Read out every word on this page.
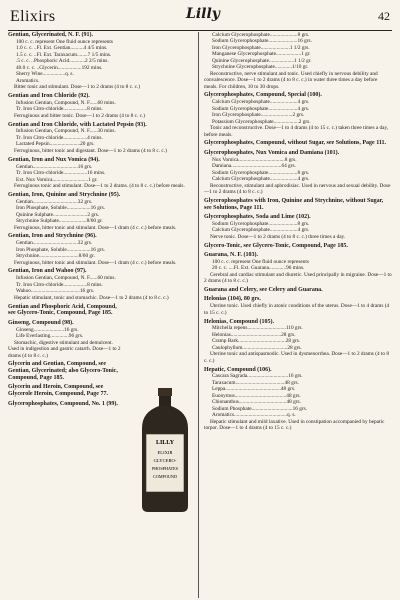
Elixirs	Lilly	42
Gentian, Glycerinated, N. F. (91).
100 c. c. represent One fluid ounce represents
1.0 c. c. ..Fl. Ext. Gentian..........4 4/5 mins.
1.5 c. c. ..Fl. Ext. Taraxacum........7 1/5 mins.
.5 c. c. ..Phosphoric Acid............2 2/5 mins.
40.0 c. c. ..Glycerin..................192 mins.
Sherry Wine.................q. s.
Aromatics.
Bitter tonic and stimulant. Dose—1 to 2 drams (4 to 8 c. c.)
Gentian and Iron Chloride (92).
Infusion Gentian, Compound, N. F......60 mins.
Tr. Iron Citro-chloride..................8 mins.
Ferruginous and bitter tonic. Dose—1 to 2 drams (4 to 8 c. c.)
Gentian and Iron Chloride, with Lactated Pepsin (93).
Infusion Gentian, Compound, N. F......30 mins.
Tr. Iron Citro-chloride..................4 mins.
Lactated Pepsin.......................20 grs.
Ferruginous, bitter tonic and digestant. Dose—1 to 2 drams (4 to 8 c. c.)
Gentian, Iron and Nux Vomica (94).
Gentian..................................16 grs.
Tr. Iron Citro-chloride..................16 mins.
Ext. Nux Vomica...........................1 gr.
Ferruginous tonic and stimulant. Dose—1 to 2 drams. (4 to 8 c. c.) before meals.
Gentian, Iron, Quinine and Strychnine (95).
Gentian..................................32 grs.
Iron Phosphate, Soluble..................16 grs.
Quinine Sulphate..........................2 grs.
Strychnine Sulphate.....................8/60 gr.
Ferruginous, bitter tonic and stimulant. Dose—1 dram (4 c. c.) before meals.
Gentian, Iron and Strychnine (96).
Gentian..................................32 grs.
Iron Phosphate, Soluble..................16 grs.
Strychnine..............................8/60 gr.
Ferruginous, bitter tonic and stimulant. Dose—1 dram (4 c. c.) before meals.
Gentian, Iron and Wahoo (97).
Infusion Gentian, Compound, N. F......60 mins.
Tr. Iron Citro-chloride..................8 mins.
Wahoo.....................................16 grs.
Hepatic stimulant, tonic and stomachic. Dose—1 to 2 drams (4 to 8 c. c.)
Gentian and Phosphoric Acid, Compound, see Glycero-Tonic, Compound, Page 185.
Ginseng, Compound (98).
Ginseng.......................16 grs.
Life Everlasting..............96 grs.
Stomachic, digestive stimulant and demulcent. Used in indigestion and gastric catarrh. Dose—1 to 2 drams (4 to 8 c. c.)
Glycerin and Gentian, Compound, see Gentian, Glycerinated; also Glycero-Tonic, Compound, Page 185.
Glycerin and Heroin, Compound, see Glycerole Heroin, Compound, Page 77.
Glycerophosphates, Compound, No. 1 (99).
Calcium Glycerophosphate.....................8 grs.
Sodium Glycerophosphate......................16 grs.
Iron Glycerophosphate......................1 1/2 grs.
Manganese Glycerophosphate...................1 gr.
Quinine Glycerophosphate...................1 1/2 gr.
Strychnine Glycerophosphate.............1/10 gr.
Reconstructive, nerve stimulant and tonic. Used chiefly in nervous debility and convalescence. Dose—1 to 2 drams (4 to 8 c. c.) in water three times a day before meals. For children, 10 to 30 drops.
Glycerophosphates, Compound, Special (100).
Calcium Glycerophosphate.....................4 grs.
Sodium Glycerophosphate......................4 grs.
Iron Glycerophosphate........................2 grs.
Potassium Glycerophosphate...................2 grs.
Tonic and reconstructive. Dose—1 to 4 drams (4 to 15 c. c.) taken three times a day, before meals.
Glycerophosphates, Compound, without Sugar, see Solutions, Page 111.
Glycerophosphates, Nux Vomica and Damiana (101).
Nux Vomica...................................8 grs.
Damiana......................................64 grs.
Sodium Glycerophosphate......................8 grs.
Calcium Glycerophosphate.....................4 grs.
Reconstructive, stimulant and aphrodisiac. Used in nervous and sexual debility. Dose—1 to 2 drams (4 to 8 c. c.)
Glycerophosphates with Iron, Quinine and Strychnine, without Sugar, see Solutions, Page 111.
Glycerophosphates, Soda and Lime (102).
Sodium Glycerophosphate......................8 grs.
Calcium Glycerophosphate.....................4 grs.
Nerve tonic. Dose—1 to 2 drams (4 to 8 c. c.) three times a day.
Glycero-Tonic, see Glycero-Tonic, Compound, Page 185.
Guarana, N. F. (103).
100 c. c. represent One fluid ounce represents
20 c. c. ....Fl. Ext. Guarana.............96 mins.
Cerebral and cardiac stimulant and diuretic. Used principally in migraine. Dose—1 to 2 drams (4 to 8 c. c.)
Guarana and Celery, see Celery and Guarana.
Helonias (104), 80 grs.
Uterine tonic. Used chiefly in atonic conditions of the uterus. Dose—1 to 4 drams (4 to 15 c. c.)
Helonias, Compound (105).
Mitchella repens.............................110 grs.
Helonias......................................28 grs.
Cramp Bark....................................28 grs.
Caulophyllum..................................28 grs.
Uterine tonic and antispasmodic. Used in dysmenorrhea. Dose—1 to 2 drams (4 to 8 c. c.)
Hepatic, Compound (106).
Cascara Sagrada...............................16 grs.
Taraxacum.....................................48 grs.
Leppa..........................................48 grs.
Euonymus.......................................48 grs.
Chionanthus....................................48 grs.
Sodium Phosphate...............................16 grs.
Aromatics........................................q. s.
Hepatic stimulant and mild laxative. Used in constipation accompanied by hepatic torpor. Dose—1 to 4 drams (4 to 15 c. c.)
LILLY
ELIXIR
GLYCERO-
PHOSPHATES
COMPOUND
